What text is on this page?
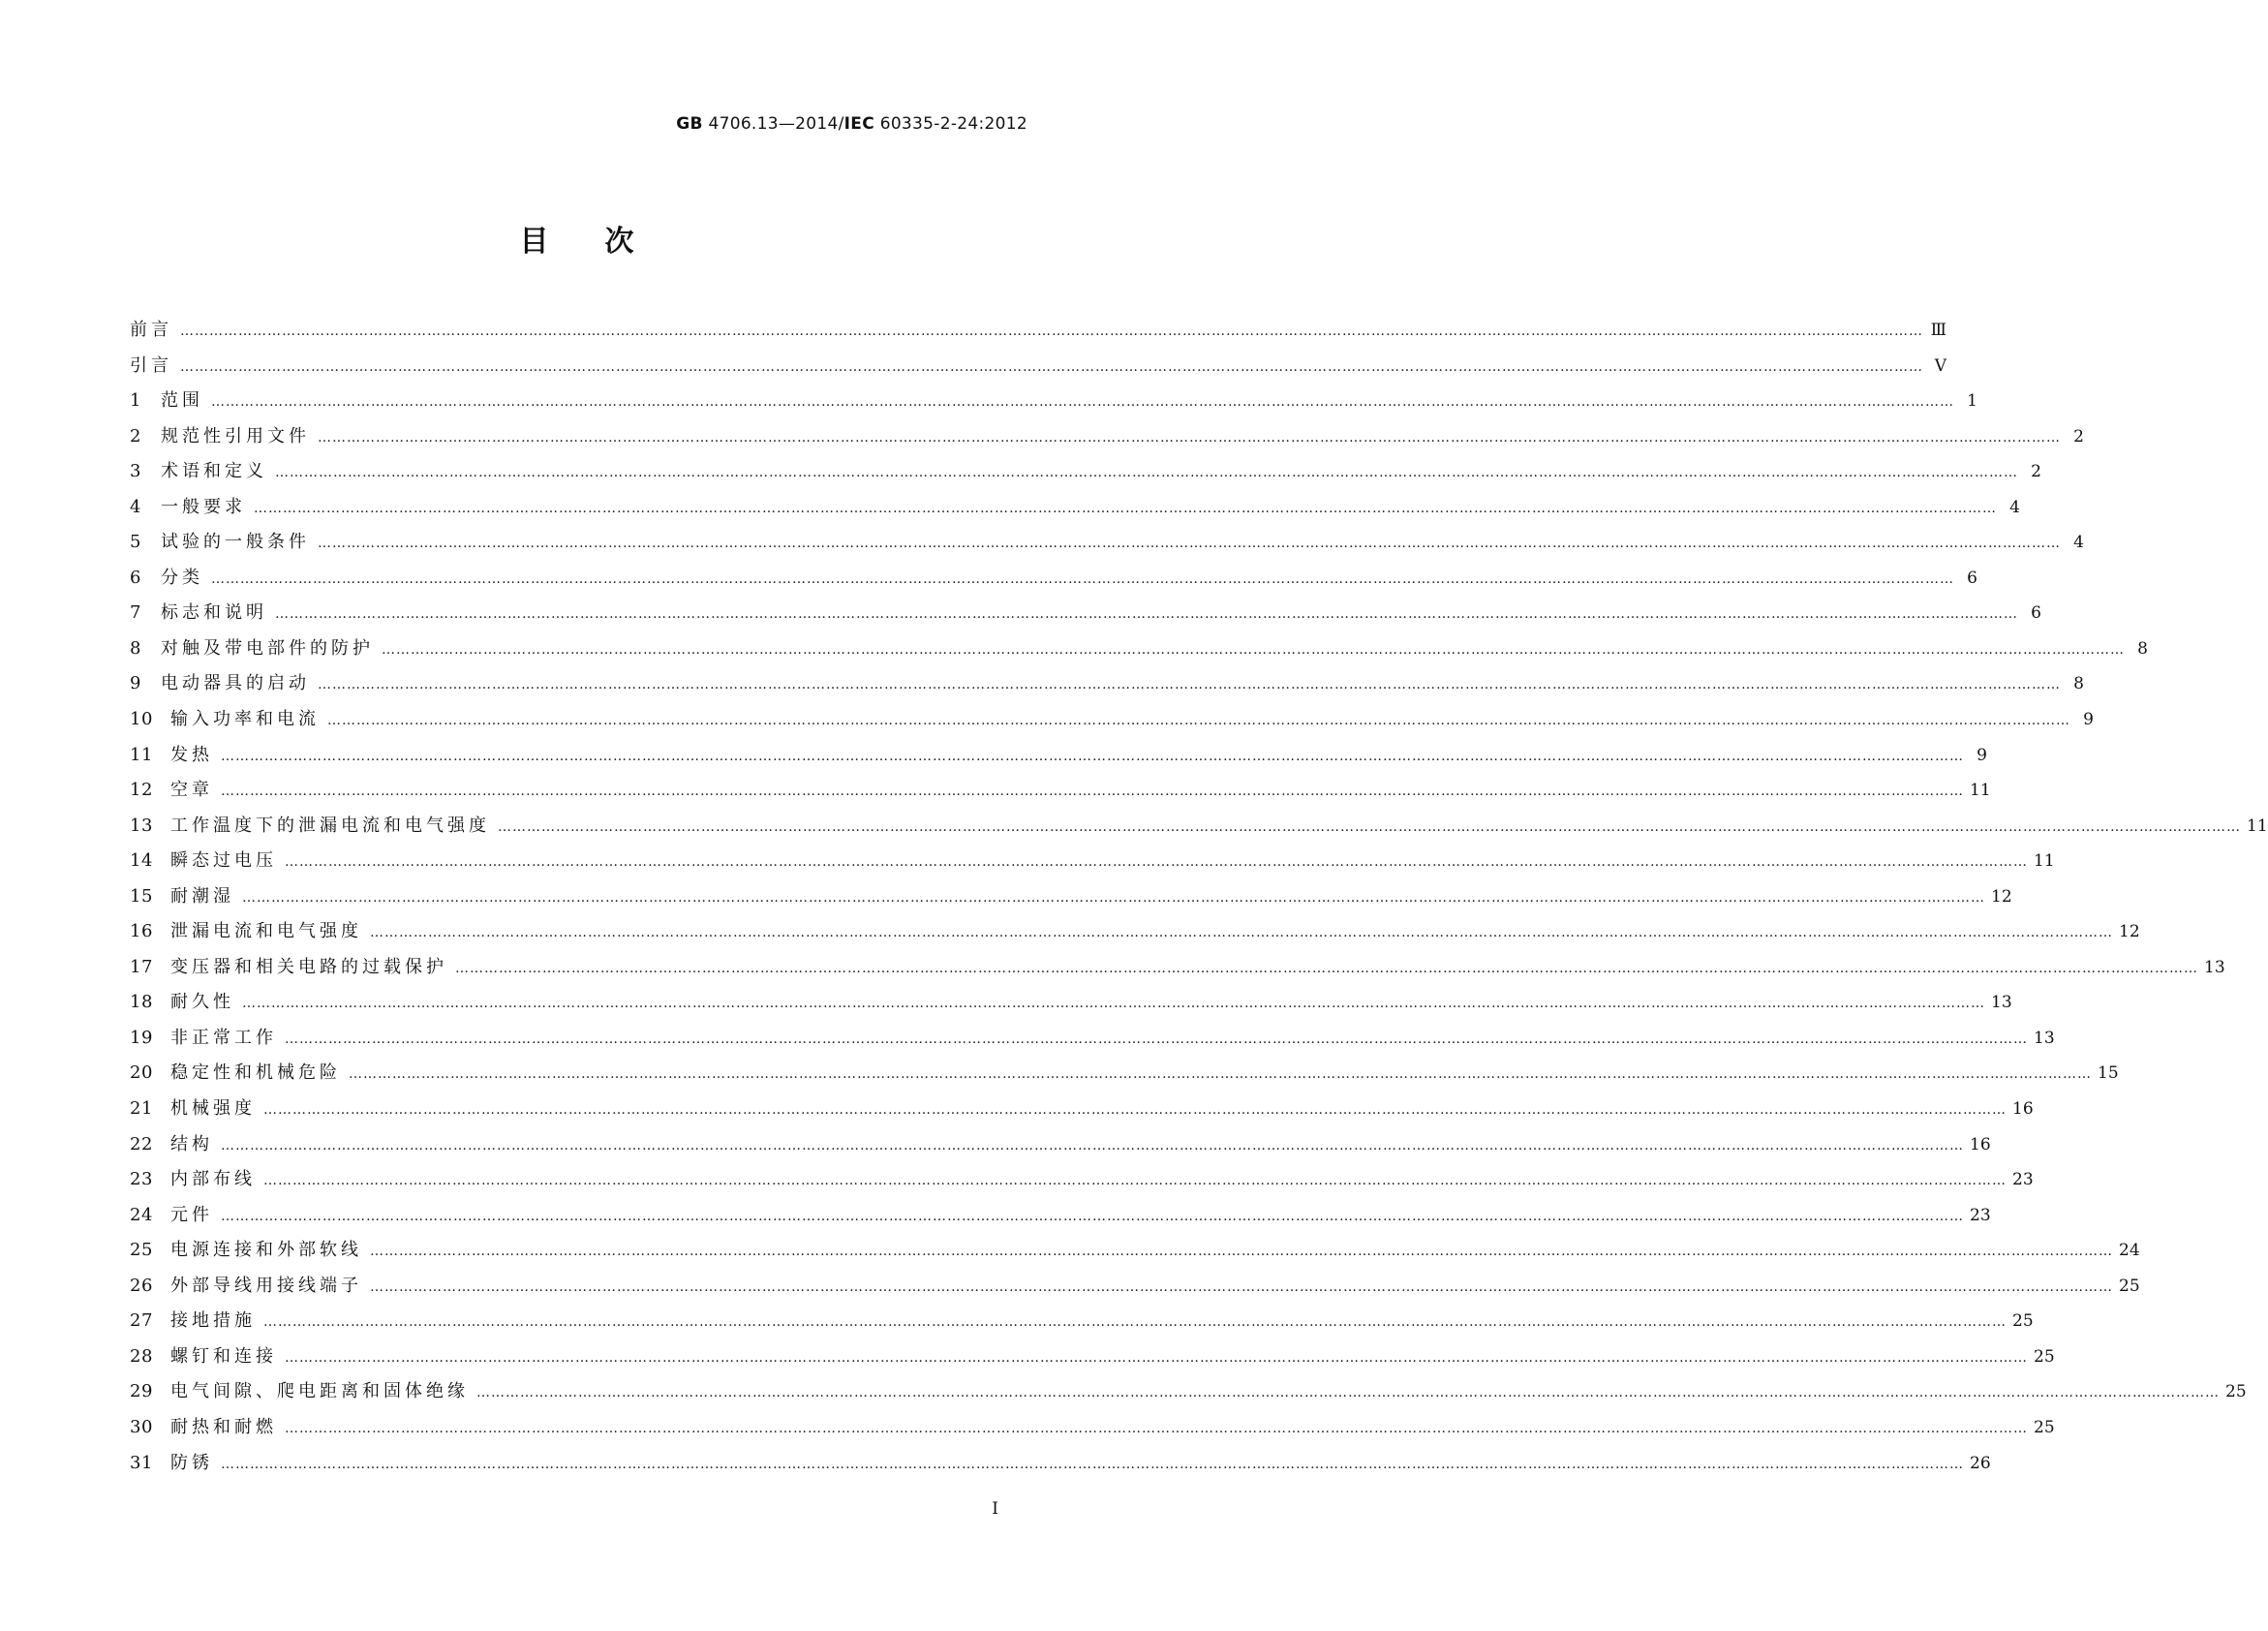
GB 4706.13—2014/IEC 60335-2-24:2012
目次
前言 ……………………………………………………………………………………………………………………………………………………………………………………………………………………………………………………………………………………………………………………………… Ⅲ
引言 ……………………………………………………………………………………………………………………………………………………………………………………………………………………………………………………………………………………………………………………………… Ⅴ
1	范围 ……………………………………………………………………………………………………………………………………………………………………………………………………………………………………………………………………………………………………………………………… 1
2	规范性引用文件 ……………………………………………………………………………………………………………………………………………………………………………………………………………………………………………………………………………………………………………………………… 2
3	术语和定义 ……………………………………………………………………………………………………………………………………………………………………………………………………………………………………………………………………………………………………………………………… 2
4	一般要求 ……………………………………………………………………………………………………………………………………………………………………………………………………………………………………………………………………………………………………………………………… 4
5	试验的一般条件 ……………………………………………………………………………………………………………………………………………………………………………………………………………………………………………………………………………………………………………………………… 4
6	分类 ……………………………………………………………………………………………………………………………………………………………………………………………………………………………………………………………………………………………………………………………… 6
7	标志和说明 ……………………………………………………………………………………………………………………………………………………………………………………………………………………………………………………………………………………………………………………………… 6
8	对触及带电部件的防护 ……………………………………………………………………………………………………………………………………………………………………………………………………………………………………………………………………………………………………………………………… 8
9	电动器具的启动 ……………………………………………………………………………………………………………………………………………………………………………………………………………………………………………………………………………………………………………………………… 8
10	输入功率和电流 ……………………………………………………………………………………………………………………………………………………………………………………………………………………………………………………………………………………………………………………………… 9
11	发热 ……………………………………………………………………………………………………………………………………………………………………………………………………………………………………………………………………………………………………………………………… 9
12	空章 ……………………………………………………………………………………………………………………………………………………………………………………………………………………………………………………………………………………………………………………………… 11
13	工作温度下的泄漏电流和电气强度 ……………………………………………………………………………………………………………………………………………………………………………………………………………………………………………………………………………………………………………………………… 11
14	瞬态过电压 ……………………………………………………………………………………………………………………………………………………………………………………………………………………………………………………………………………………………………………………………… 11
15	耐潮湿 ……………………………………………………………………………………………………………………………………………………………………………………………………………………………………………………………………………………………………………………………… 12
16	泄漏电流和电气强度 ……………………………………………………………………………………………………………………………………………………………………………………………………………………………………………………………………………………………………………………………… 12
17	变压器和相关电路的过载保护 ……………………………………………………………………………………………………………………………………………………………………………………………………………………………………………………………………………………………………………………………… 13
18	耐久性 ……………………………………………………………………………………………………………………………………………………………………………………………………………………………………………………………………………………………………………………………… 13
19	非正常工作 ……………………………………………………………………………………………………………………………………………………………………………………………………………………………………………………………………………………………………………………………… 13
20	稳定性和机械危险 ……………………………………………………………………………………………………………………………………………………………………………………………………………………………………………………………………………………………………………………………… 15
21	机械强度 ……………………………………………………………………………………………………………………………………………………………………………………………………………………………………………………………………………………………………………………………… 16
22	结构 ……………………………………………………………………………………………………………………………………………………………………………………………………………………………………………………………………………………………………………………………… 16
23	内部布线 ……………………………………………………………………………………………………………………………………………………………………………………………………………………………………………………………………………………………………………………………… 23
24	元件 ……………………………………………………………………………………………………………………………………………………………………………………………………………………………………………………………………………………………………………………………… 23
25	电源连接和外部软线 ……………………………………………………………………………………………………………………………………………………………………………………………………………………………………………………………………………………………………………………………… 24
26	外部导线用接线端子 ……………………………………………………………………………………………………………………………………………………………………………………………………………………………………………………………………………………………………………………………… 25
27	接地措施 ……………………………………………………………………………………………………………………………………………………………………………………………………………………………………………………………………………………………………………………………… 25
28	螺钉和连接 ……………………………………………………………………………………………………………………………………………………………………………………………………………………………………………………………………………………………………………………………… 25
29	电气间隙、爬电距离和固体绝缘 ……………………………………………………………………………………………………………………………………………………………………………………………………………………………………………………………………………………………………………………………… 25
30	耐热和耐燃 ……………………………………………………………………………………………………………………………………………………………………………………………………………………………………………………………………………………………………………………………… 25
31	防锈 ……………………………………………………………………………………………………………………………………………………………………………………………………………………………………………………………………………………………………………………………… 26
I
